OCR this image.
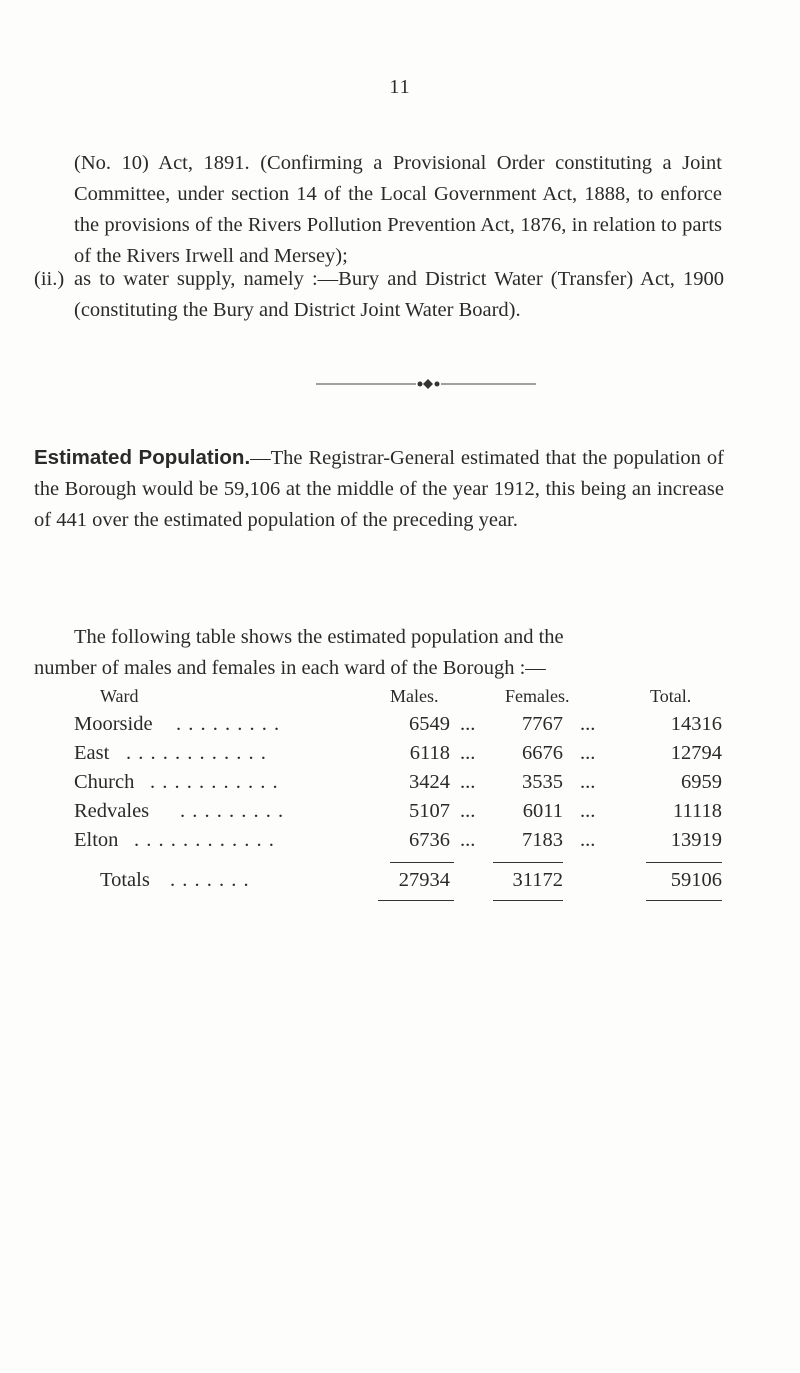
11

(No. 10) Act, 1891. (Confirming a Provisional Order constituting a Joint Committee, under section 14 of the Local Government Act, 1888, to enforce the provisions of the Rivers Pollution Prevention Act, 1876, in relation to parts of the Rivers Irwell and Mersey);

(ii.) as to water supply, namely :—Bury and District Water (Transfer) Act, 1900 (constituting the Bury and District Joint Water Board).

Estimated Population.—The Registrar-General estimated that the population of the Borough would be 59,106 at the middle of the year 1912, this being an increase of 441 over the estimated population of the preceding year.

The following table shows the estimated population and the
number of males and females in each ward of the Borough :—

Ward	Males.	Females.	Total.
Moorside . . . . . . . . .	6549 ...	7767 ...	14316
East . . . . . . . . . . . .	6118 ...	6676 ...	12794
Church . . . . . . . . . . .	3424 ...	3535 ...	6959
Redvales . . . . . . . . .	5107 ...	6011 ...	11118
Elton . . . . . . . . . . . .	6736 ...	7183 ...	13919
Totals . . . . . . .	27934	31172	59106
